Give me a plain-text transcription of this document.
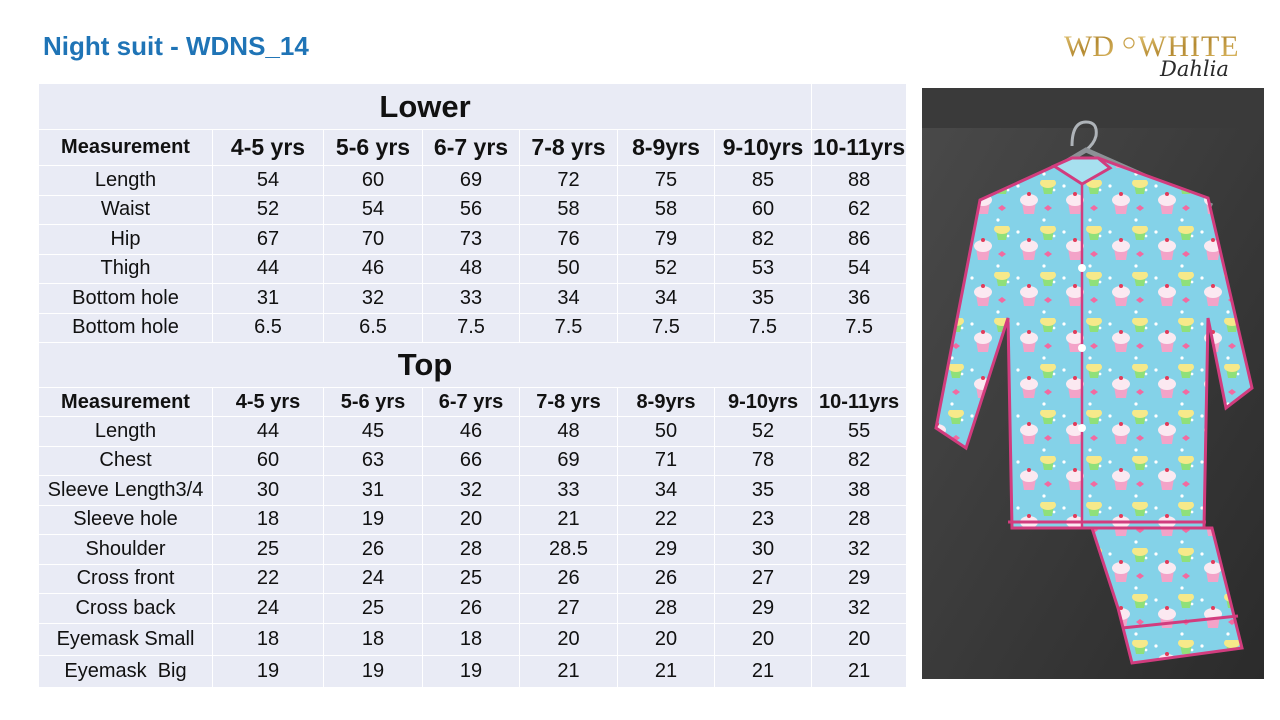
Night suit - WDNS_14	WD WHITE
Dahlia
Lower							
Measurement	4-5 yrs	5-6 yrs	6-7 yrs	7-8 yrs	8-9yrs	9-10yrs	10-11yrs
Length	54	60	69	72	75	85	88
Waist	52	54	56	58	58	60	62
Hip	67	70	73	76	79	82	86
Thigh	44	46	48	50	52	53	54
Bottom hole	31	32	33	34	34	35	36
Bottom hole	6.5	6.5	7.5	7.5	7.5	7.5	7.5
Top							
Measurement	4-5 yrs	5-6 yrs	6-7 yrs	7-8 yrs	8-9yrs	9-10yrs	10-11yrs
Length	44	45	46	48	50	52	55
Chest	60	63	66	69	71	78	82
Sleeve Length3/4	30	31	32	33	34	35	38
Sleeve hole	18	19	20	21	22	23	28
Shoulder	25	26	28	28.5	29	30	32
Cross front	22	24	25	26	26	27	29
Cross back	24	25	26	27	28	29	32
Eyemask Small	18	18	18	20	20	20	20
Eyemask  Big	19	19	19	21	21	21	21
